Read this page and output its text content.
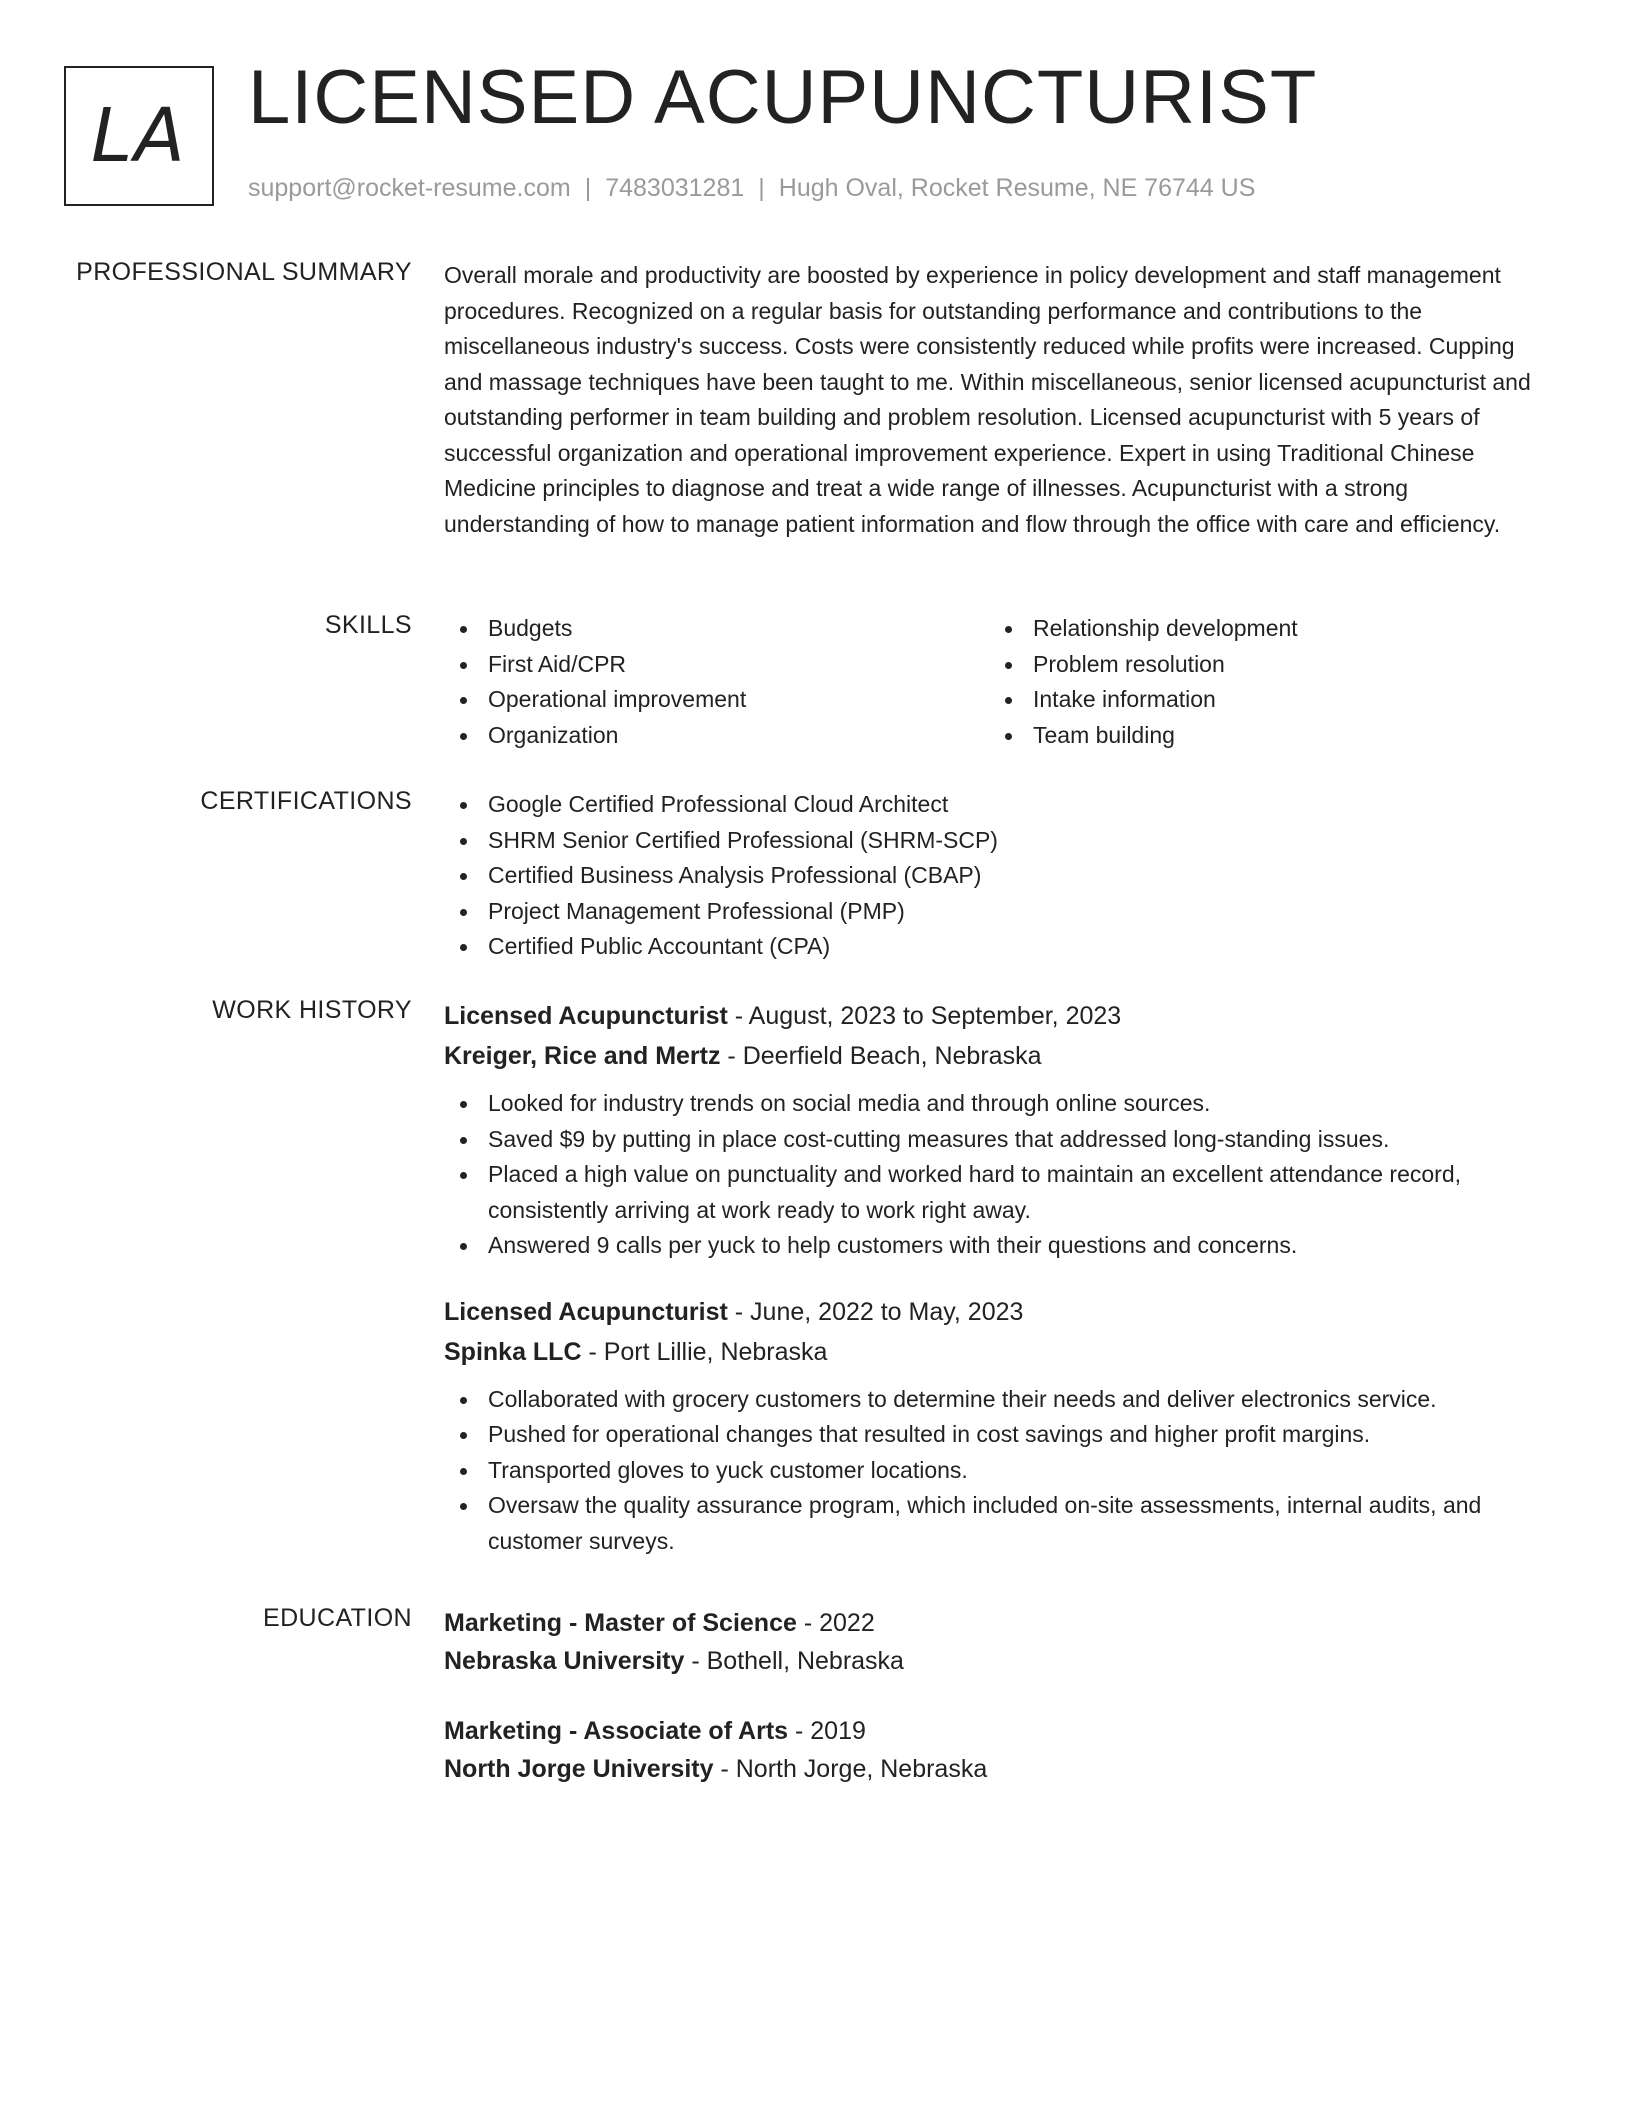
LA LICENSED ACUPUNCTURIST
support@rocket-resume.com | 7483031281 | Hugh Oval, Rocket Resume, NE 76744 US
PROFESSIONAL SUMMARY Overall morale and productivity are boosted by experience in policy development and staff management procedures. Recognized on a regular basis for outstanding performance and contributions to the miscellaneous industry's success. Costs were consistently reduced while profits were increased. Cupping and massage techniques have been taught to me. Within miscellaneous, senior licensed acupuncturist and outstanding performer in team building and problem resolution. Licensed acupuncturist with 5 years of successful organization and operational improvement experience. Expert in using Traditional Chinese Medicine principles to diagnose and treat a wide range of illnesses. Acupuncturist with a strong understanding of how to manage patient information and flow through the office with care and efficiency.

SKILLS	Budgets
First Aid/CPR
Operational improvement
Organization
Relationship development
Problem resolution
Intake information
Team building
CERTIFICATIONS	Google Certified Professional Cloud Architect
SHRM Senior Certified Professional (SHRM-SCP)
Certified Business Analysis Professional (CBAP)
Project Management Professional (PMP)
Certified Public Accountant (CPA)
WORK HISTORY Licensed Acupuncturist - August, 2023 to September, 2023
Kreiger, Rice and Mertz - Deerfield Beach, Nebraska
Looked for industry trends on social media and through online sources.
Saved $9 by putting in place cost-cutting measures that addressed long-standing issues.
Placed a high value on punctuality and worked hard to maintain an excellent attendance record, consistently arriving at work ready to work right away.
Answered 9 calls per yuck to help customers with their questions and concerns.
Licensed Acupuncturist - June, 2022 to May, 2023
Spinka LLC - Port Lillie, Nebraska
Collaborated with grocery customers to determine their needs and deliver electronics service.
Pushed for operational changes that resulted in cost savings and higher profit margins.
Transported gloves to yuck customer locations.
Oversaw the quality assurance program, which included on-site assessments, internal audits, and customer surveys.
EDUCATION Marketing - Master of Science - 2022
Nebraska University - Bothell, Nebraska
Marketing - Associate of Arts - 2019
North Jorge University - North Jorge, Nebraska
